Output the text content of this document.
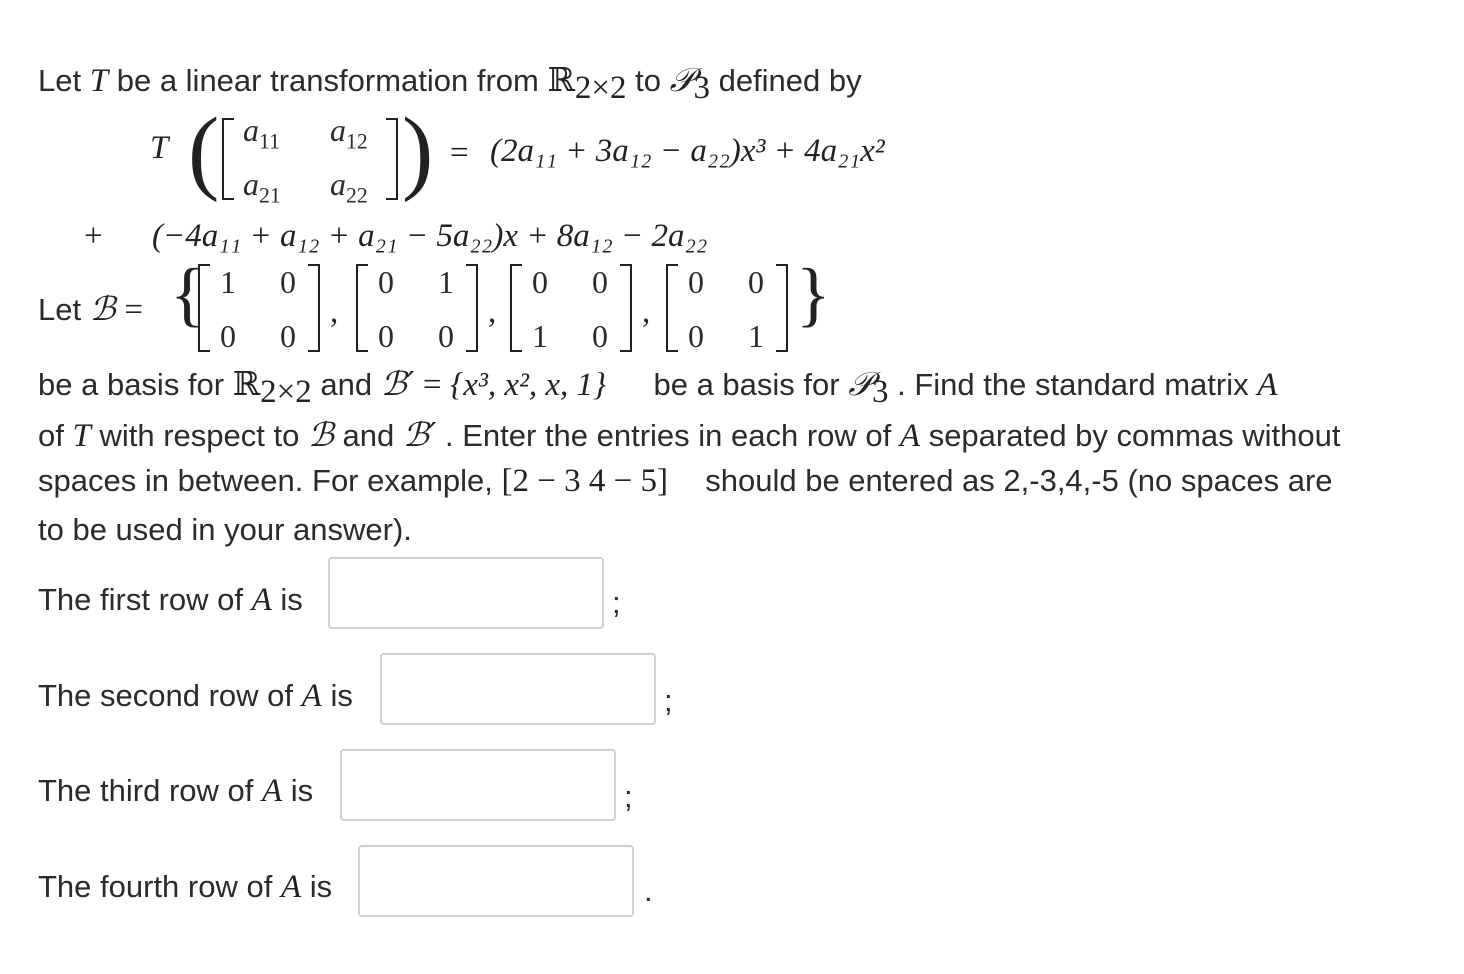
Let T be a linear transformation from ℝ$_{2\times 2}$ to 𝒫$_3$ defined by
T ( $a_{11}$ $a_{12}$
$a_{21}$ $a_{22}$ ) = (2a₁₁ + 3a₁₂ − a₂₂)x³ + 4a₂₁x²
+ (−4a₁₁ + a₁₂ + a₂₁ − 5a₂₂)x + 8a₁₂ − 2a₂₂
Let ℬ = { 1 0
0 0
,
0 1
0 0
,
0 0
1 0
,
0 0
0 1
}
be a basis for ℝ$_{2\times 2}$ and ℬ′ = {x³, x², x, 1} be a basis for 𝒫$_3$ . Find the standard matrix A
of T with respect to ℬ and ℬ′ . Enter the entries in each row of A separated by commas without
spaces in between. For example, [2 − 3 4 − 5] should be entered as 2,-3,4,-5 (no spaces are
to be used in your answer).
The first row of A is	;
The second row of A is	;
The third row of A is	;
The fourth row of A is	.
